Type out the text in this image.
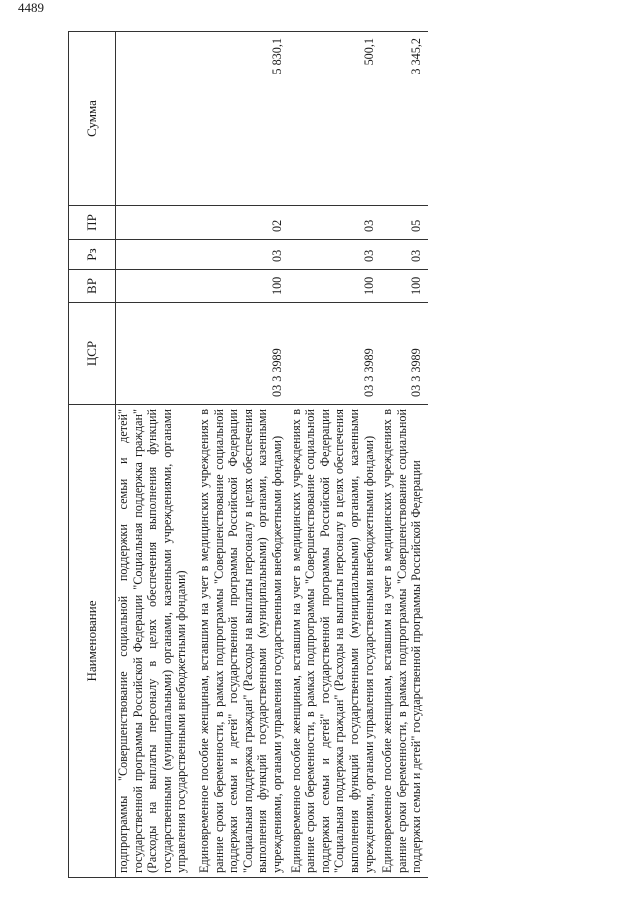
4489
Наименование	ЦСР	ВР	Рз	ПР	Сумма
подпрограммы "Совершенствование социальной поддержки семьи и детей" государственной программы Российской Федерации "Социальная поддержка граждан" (Расходы на выплаты персоналу в целях обеспечения выполнения функций государственными (муниципальными) органами, казенными учреждениями, органами управления государственными внебюджетными фондами)					
Единовременное пособие женщинам, вставшим на учет в медицинских учреждениях в ранние сроки беременности, в рамках подпрограммы "Совершенствование социальной поддержки семьи и детей" государственной программы Российской Федерации "Социальная поддержка граждан" (Расходы на выплаты персоналу в целях обеспечения выполнения функций государственными (муниципальными) органами, казенными учреждениями, органами управления государственными внебюджетными фондами)	03 3 3989	100	03	02	5 830,1
Единовременное пособие женщинам, вставшим на учет в медицинских учреждениях в ранние сроки беременности, в рамках подпрограммы "Совершенствование социальной поддержки семьи и детей" государственной программы Российской Федерации "Социальная поддержка граждан" (Расходы на выплаты персоналу в целях обеспечения выполнения функций государственными (муниципальными) органами, казенными учреждениями, органами управления государственными внебюджетными фондами)	03 3 3989	100	03	03	500,1
Единовременное пособие женщинам, вставшим на учет в медицинских учреждениях в ранние сроки беременности, в рамках подпрограммы "Совершенствование социальной поддержки семьи и детей" государственной программы Российской Федерации	03 3 3989	100	03	05	3 345,2
